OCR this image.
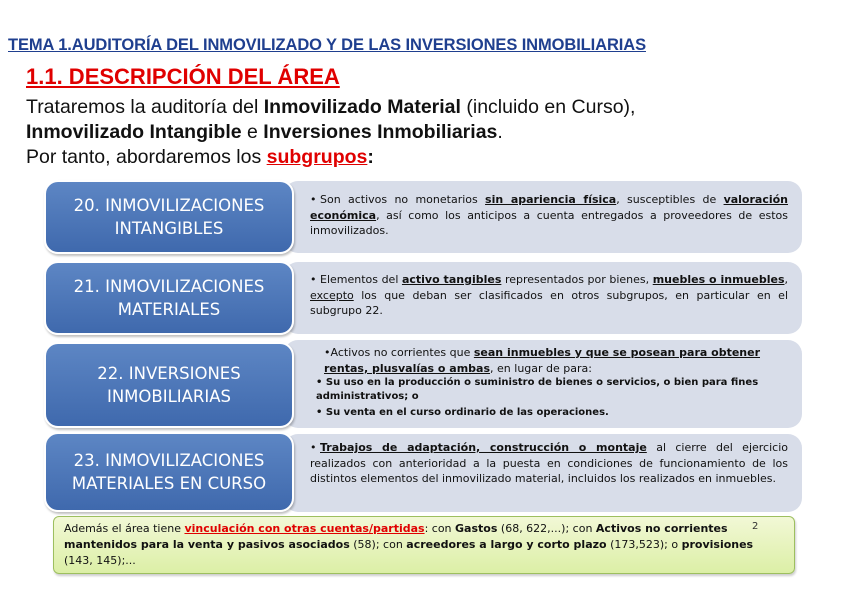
TEMA 1.AUDITORÍA DEL INMOVILIZADO Y DE LAS INVERSIONES INMOBILIARIAS
1.1. DESCRIPCIÓN DEL ÁREA
Trataremos la auditoría del Inmovilizado Material (incluido en Curso),
Inmovilizado Intangible e Inversiones Inmobiliarias.
Por tanto, abordaremos los subgrupos:
20. INMOVILIZACIONES
INTANGIBLES
• Son activos no monetarios sin apariencia física, susceptibles de valoración económica, así como los anticipos a cuenta entregados a proveedores de estos inmovilizados.
21. INMOVILIZACIONES
MATERIALES
• Elementos del activo tangibles representados por bienes, muebles o inmuebles, excepto los que deban ser clasificados en otros subgrupos, en particular en el subgrupo 22.
22. INVERSIONES
INMOBILIARIAS
•Activos no corrientes que sean inmuebles y que se posean para obtener rentas, plusvalías o ambas, en lugar de para:
• Su uso en la producción o suministro de bienes o servicios, o bien para fines administrativos; o
• Su venta en el curso ordinario de las operaciones.
23. INMOVILIZACIONES
MATERIALES EN CURSO
• Trabajos de adaptación, construcción o montaje al cierre del ejercicio realizados con anterioridad a la puesta en condiciones de funcionamiento de los distintos elementos del inmovilizado material, incluidos los realizados en inmuebles.
Además el área tiene vinculación con otras cuentas/partidas: con Gastos (68, 622,...); con Activos no corrientes mantenidos para la venta y pasivos asociados (58); con acreedores a largo y corto plazo (173,523); o provisiones (143, 145);...
2
